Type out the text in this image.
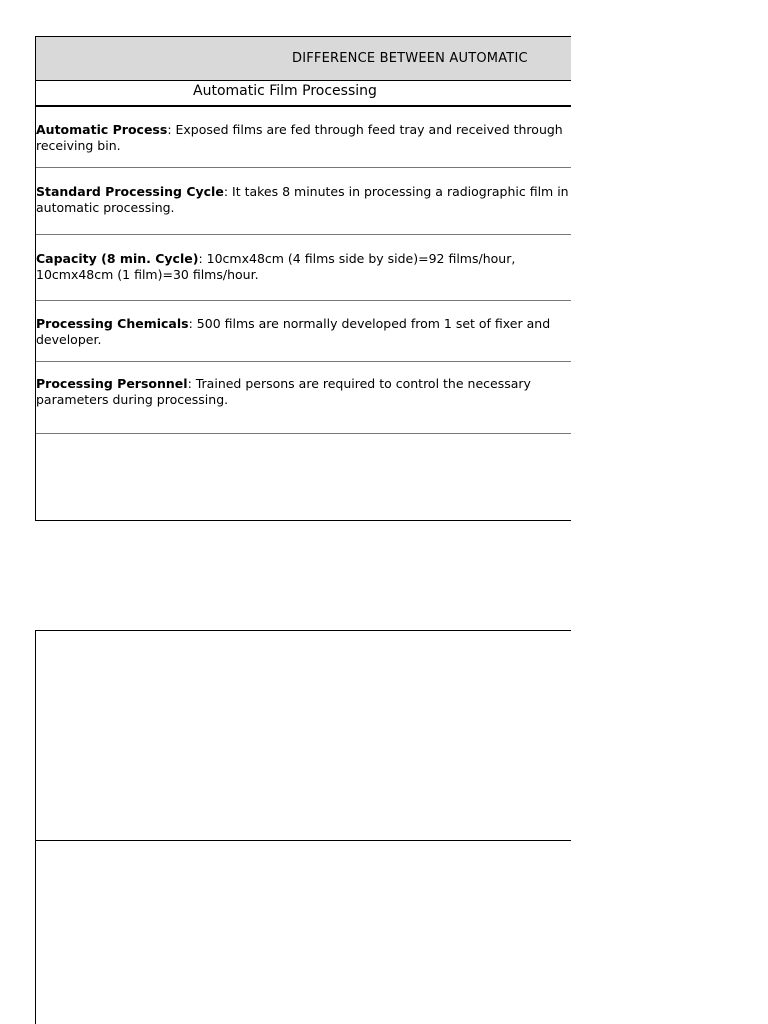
DIFFERENCE BETWEEN AUTOMATIC
Automatic Film Processing
Automatic Process: Exposed films are fed through feed tray and received through receiving bin.
Standard Processing Cycle: It takes 8 minutes in processing a radiographic film in automatic processing.
Capacity (8 min. Cycle): 10cmx48cm (4 films side by side)=92 films/hour, 10cmx48cm (1 film)=30 films/hour.
Processing Chemicals: 500 films are normally developed from 1 set of fixer and developer.
Processing Personnel: Trained persons are required to control the necessary parameters during processing.
